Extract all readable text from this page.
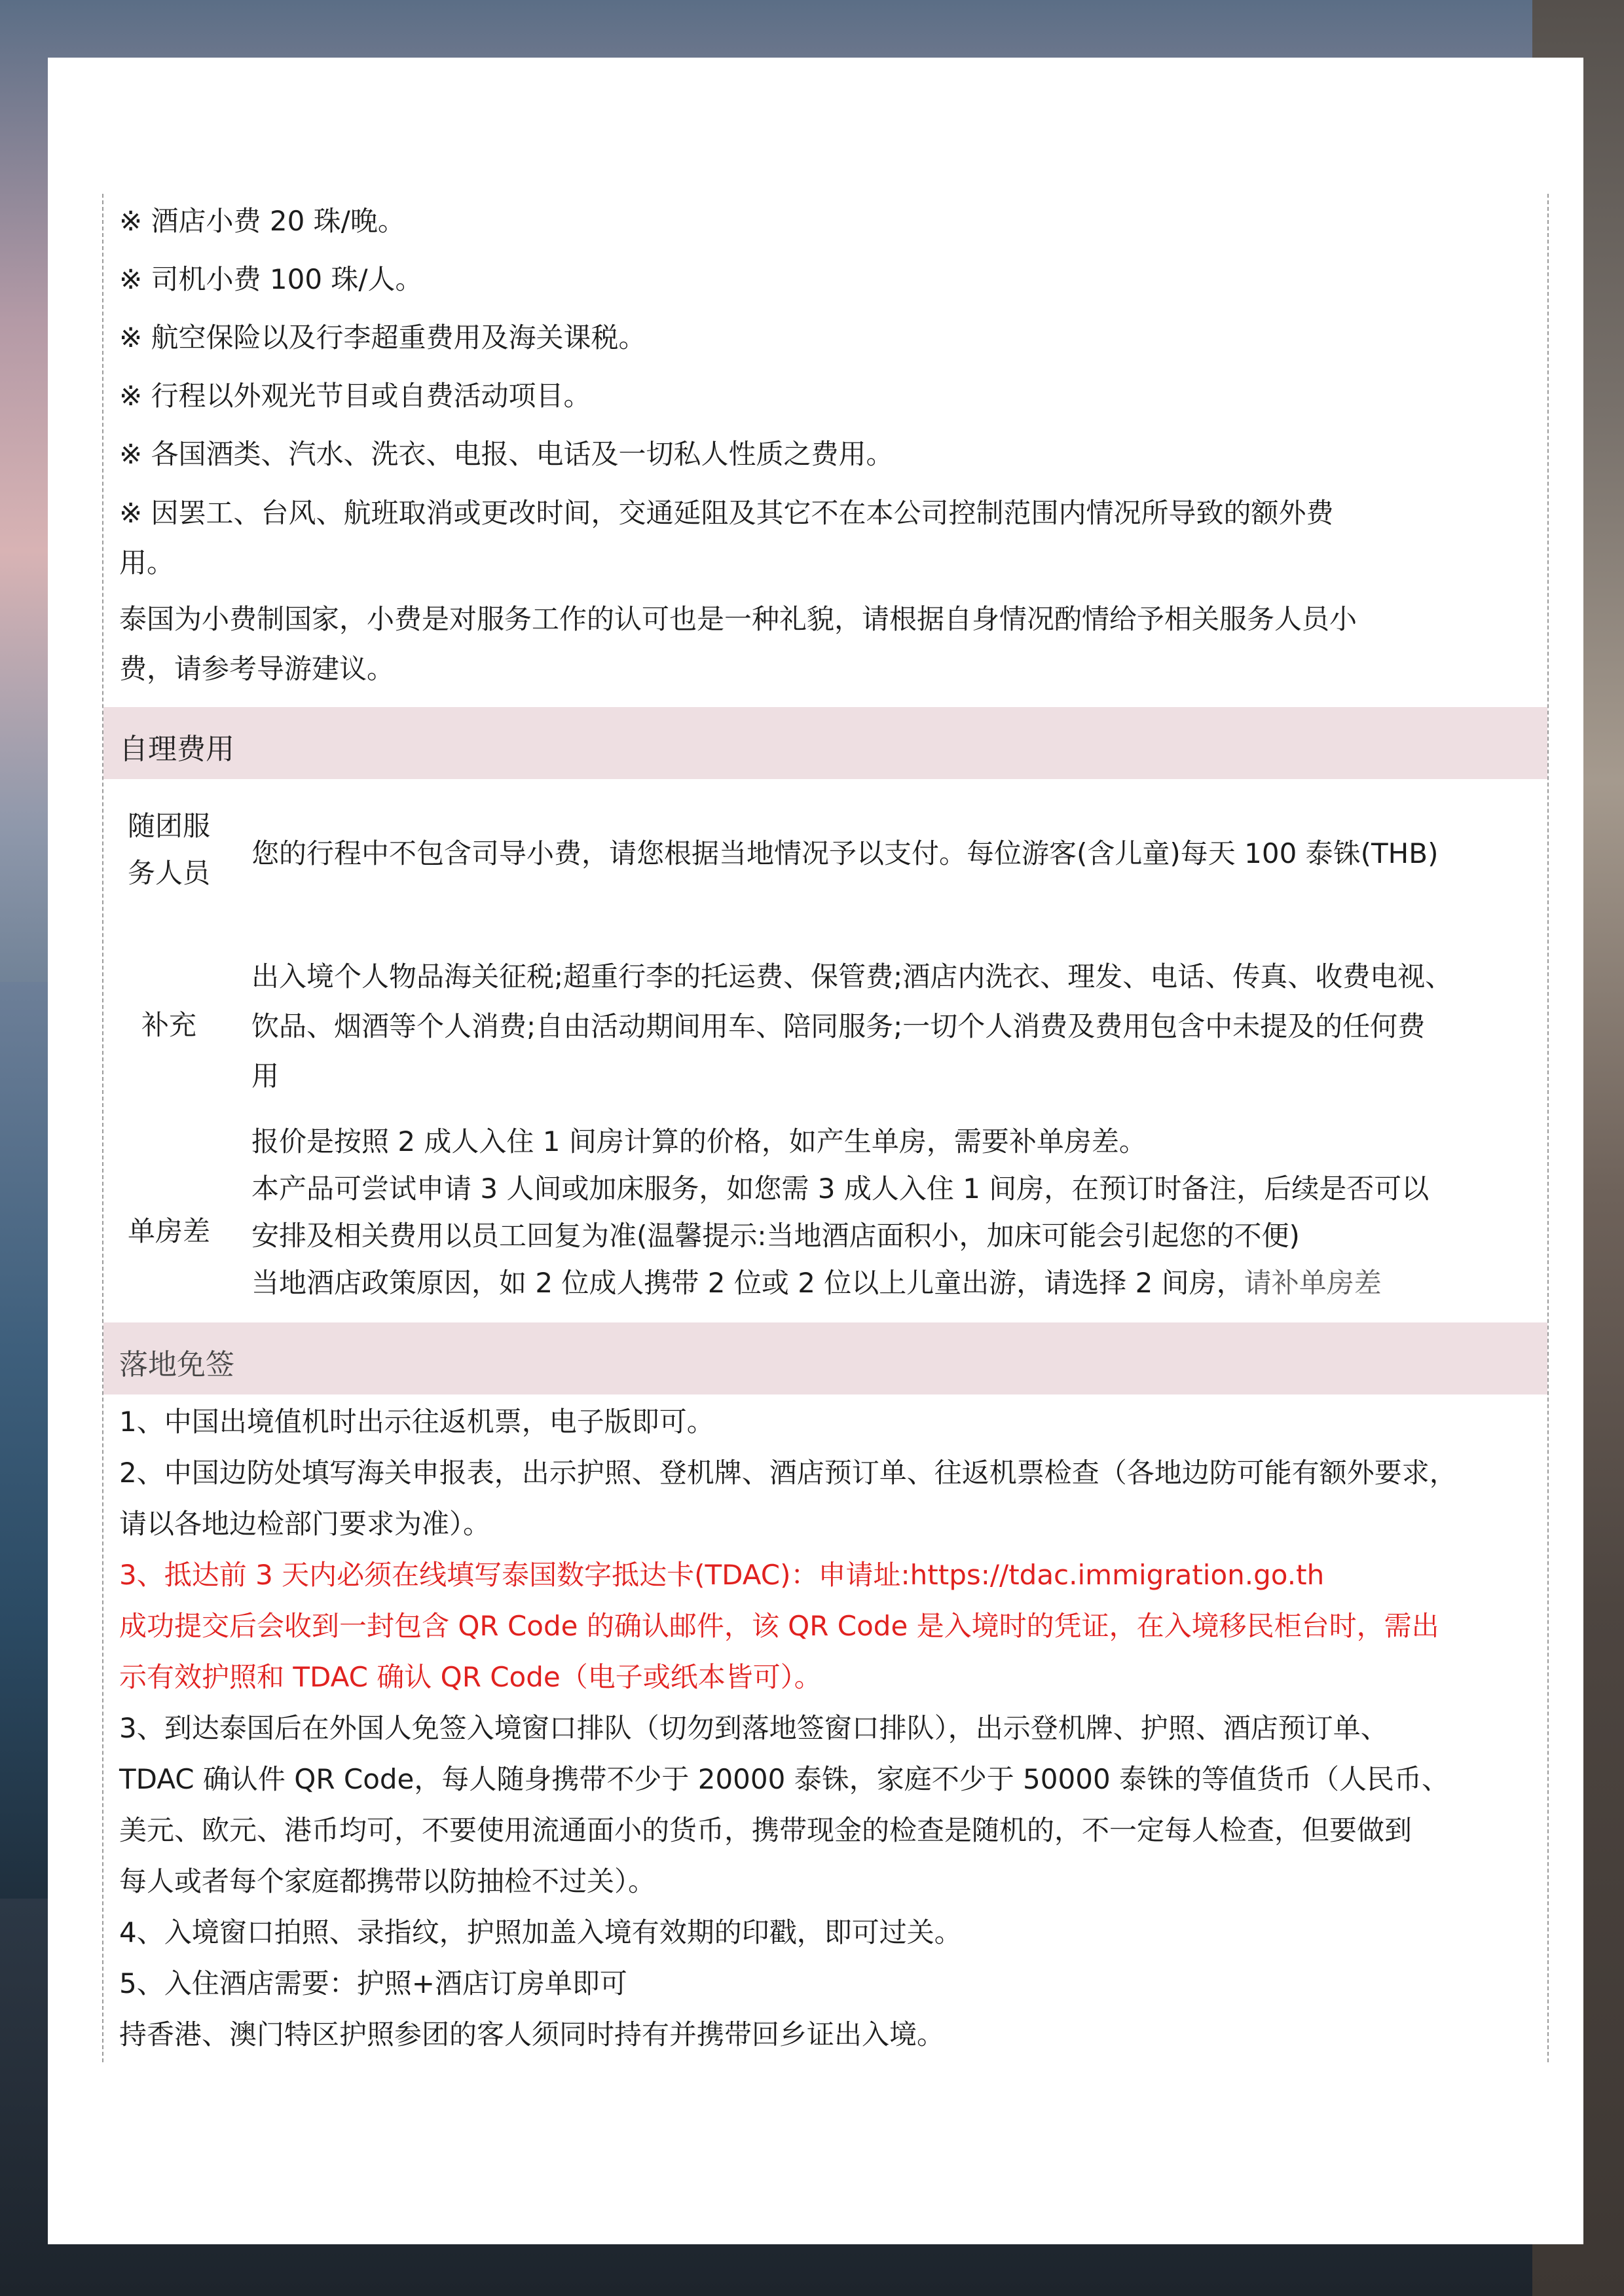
※ 酒店小费 20 珠/晚。
※ 司机小费 100 珠/人。
※ 航空保险以及行李超重费用及海关课税。
※ 行程以外观光节目或自费活动项目。
※ 各国酒类、汽水、洗衣、电报、电话及一切私人性质之费用。
※ 因罢工、台风、航班取消或更改时间，交通延阻及其它不在本公司控制范围内情况所导致的额外费
用。
泰国为小费制国家，小费是对服务工作的认可也是一种礼貌，请根据自身情况酌情给予相关服务人员小
费，请参考导游建议。
自理费用
随团服
务人员
您的行程中不包含司导小费，请您根据当地情况予以支付。每位游客(含儿童)每天 100 泰铢(THB)
补充
出入境个人物品海关征税;超重行李的托运费、保管费;酒店内洗衣、理发、电话、传真、收费电视、
饮品、烟酒等个人消费;自由活动期间用车、陪同服务;一切个人消费及费用包含中未提及的任何费
用
单房差
报价是按照 2 成人入住 1 间房计算的价格，如产生单房，需要补单房差。
本产品可尝试申请 3 人间或加床服务，如您需 3 成人入住 1 间房，在预订时备注，后续是否可以
安排及相关费用以员工回复为准(温馨提示:当地酒店面积小，加床可能会引起您的不便)
当地酒店政策原因，如 2 位成人携带 2 位或 2 位以上儿童出游，请选择 2 间房，请补单房差
落地免签
1、中国出境值机时出示往返机票，电子版即可。
2、中国边防处填写海关申报表，出示护照、登机牌、酒店预订单、往返机票检查（各地边防可能有额外要求，
请以各地边检部门要求为准）。
3、抵达前 3 天内必须在线填写泰国数字抵达卡(TDAC)：申请址:https://tdac.immigration.go.th
成功提交后会收到一封包含 QR Code 的确认邮件，该 QR Code 是入境时的凭证，在入境移民柜台时，需出
示有效护照和 TDAC 确认 QR Code（电子或纸本皆可）。
3、到达泰国后在外国人免签入境窗口排队（切勿到落地签窗口排队），出示登机牌、护照、酒店预订单、
TDAC 确认件 QR Code，每人随身携带不少于 20000 泰铢，家庭不少于 50000 泰铢的等值货币（人民币、
美元、欧元、港币均可，不要使用流通面小的货币，携带现金的检查是随机的，不一定每人检查，但要做到
每人或者每个家庭都携带以防抽检不过关）。
4、入境窗口拍照、录指纹，护照加盖入境有效期的印戳，即可过关。
5、入住酒店需要：护照+酒店订房单即可
持香港、澳门特区护照参团的客人须同时持有并携带回乡证出入境。
